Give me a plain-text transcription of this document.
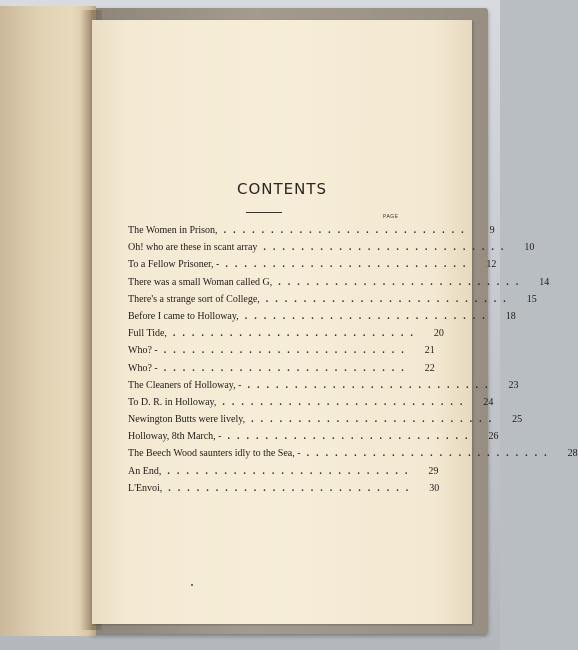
CONTENTS
PAGE
The Women in Prison, ..........................	9
Oh! who are these in scant array ..........................	10
To a Fellow Prisoner, - ..........................	12
There was a small Woman called G, ..........................	14
There's a strange sort of College, ..........................	15
Before I came to Holloway, ..........................	18
Full Tide, ..........................	20
Who? - ..........................	21
Who? - ..........................	22
The Cleaners of Holloway, - ..........................	23
To D. R. in Holloway, ..........................	24
Newington Butts were lively, ..........................	25
Holloway, 8th March, - ..........................	26
The Beech Wood saunters idly to the Sea, - ..........................	28
An End, ..........................	29
L'Envoi, ..........................	30
